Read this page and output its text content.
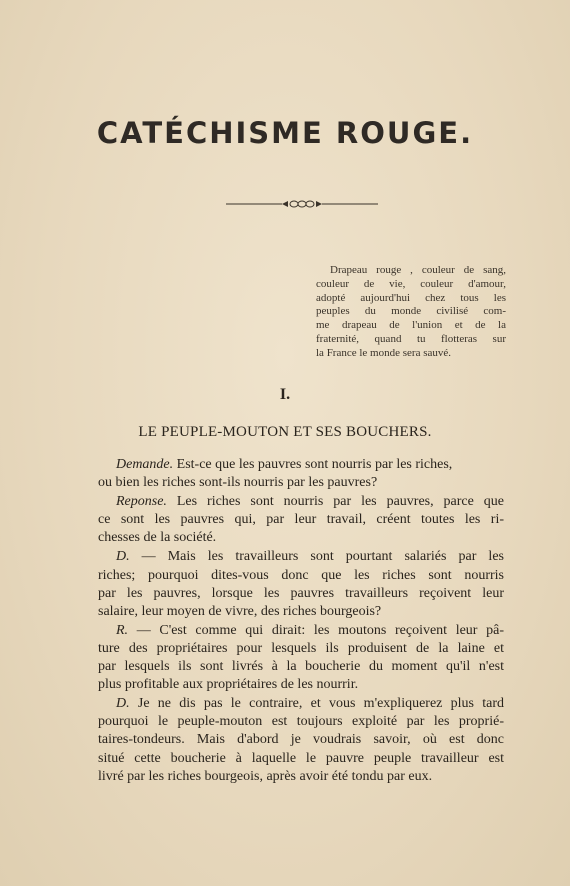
CATÉCHISME ROUGE.
Drapeau rouge , couleur de sang,
couleur de vie, couleur d'amour,
adopté aujourd'hui chez tous les
peuples du monde civilisé com-
me drapeau de l'union et de la
fraternité, quand tu flotteras sur
la France le monde sera sauvé.
I.
LE PEUPLE-MOUTON ET SES BOUCHERS.

Demande. Est-ce que les pauvres sont nourris par les riches,
ou bien les riches sont-ils nourris par les pauvres?

Reponse. Les riches sont nourris par les pauvres, parce que
ce sont les pauvres qui, par leur travail, créent toutes les ri-
chesses de la société.

D. — Mais les travailleurs sont pourtant salariés par les
riches; pourquoi dites-vous donc que les riches sont nourris
par les pauvres, lorsque les pauvres travailleurs reçoivent leur
salaire, leur moyen de vivre, des riches bourgeois?

R. — C'est comme qui dirait: les moutons reçoivent leur pâ-
ture des propriétaires pour lesquels ils produisent de la laine et
par lesquels ils sont livrés à la boucherie du moment qu'il n'est
plus profitable aux propriétaires de les nourrir.

D. Je ne dis pas le contraire, et vous m'expliquerez plus tard
pourquoi le peuple-mouton est toujours exploité par les proprié-
taires-tondeurs. Mais d'abord je voudrais savoir, où est donc
situé cette boucherie à laquelle le pauvre peuple travailleur est
livré par les riches bourgeois, après avoir été tondu par eux.
